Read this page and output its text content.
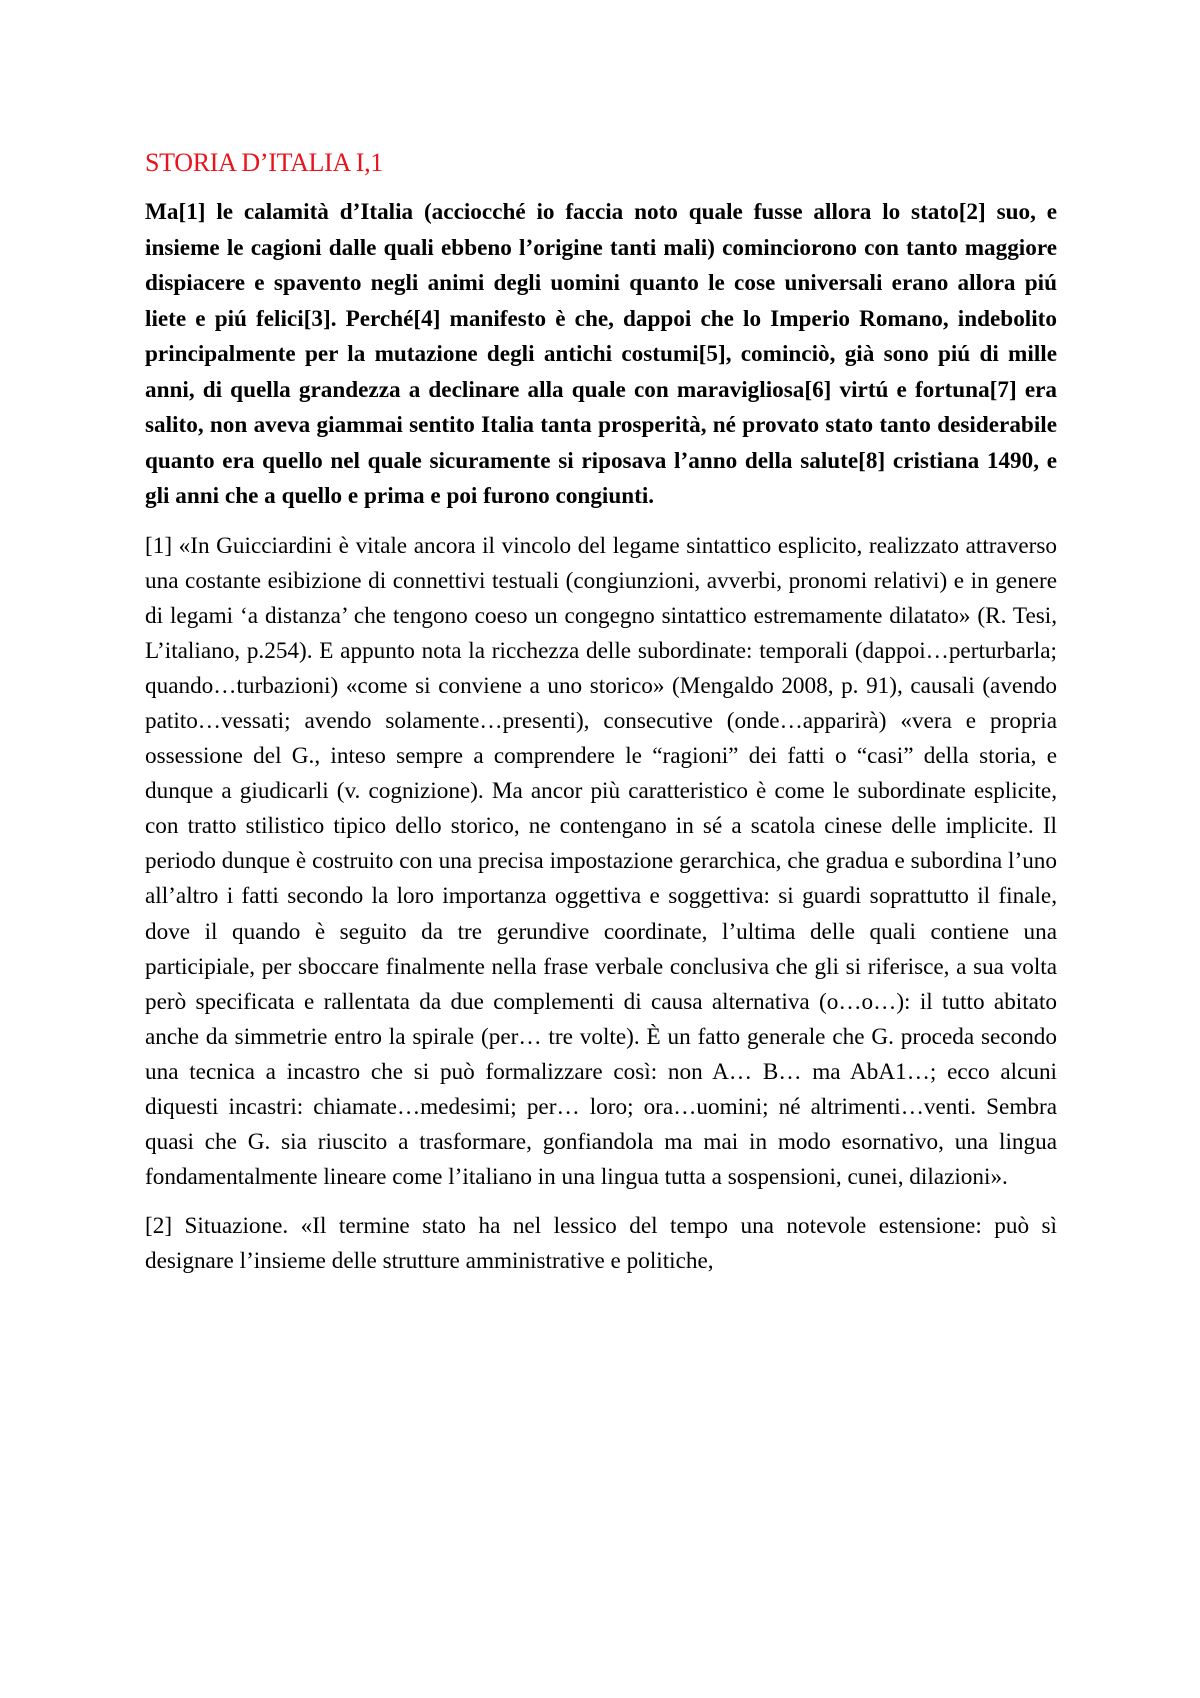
STORIA D’ITALIA I,1

Ma[1] le calamità d’Italia (acciocché io faccia noto quale fusse allora lo stato[2] suo, e insieme le cagioni dalle quali ebbeno l’origine tanti mali) cominciorono con tanto maggiore dispiacere e spavento negli animi degli uomini quanto le cose universali erano allora piú liete e piú felici[3]. Perché[4] manifesto è che, dappoi che lo Imperio Romano, indebolito principalmente per la mutazione degli antichi costumi[5], cominciò, già sono piú di mille anni, di quella grandezza a declinare alla quale con maravigliosa[6] virtú e fortuna[7] era salito, non aveva giammai sentito Italia tanta prosperità, né provato stato tanto desiderabile quanto era quello nel quale sicuramente si riposava l’anno della salute[8] cristiana 1490, e gli anni che a quello e prima e poi furono congiunti.

[1] «In Guicciardini è vitale ancora il vincolo del legame sintattico esplicito, realizzato attraverso una costante esibizione di connettivi testuali (congiunzioni, avverbi, pronomi relativi) e in genere di legami ‘a distanza’ che tengono coeso un congegno sintattico estremamente dilatato» (R. Tesi, L’italiano, p.254). E appunto nota la ricchezza delle subordinate: temporali (dappoi…perturbarla; quando…turbazioni) «come si conviene a uno storico» (Mengaldo 2008, p. 91), causali (avendo patito…vessati; avendo solamente…presenti), consecutive (onde…apparirà) «vera e propria ossessione del G., inteso sempre a comprendere le “ragioni” dei fatti o “casi” della storia, e dunque a giudicarli (v. cognizione). Ma ancor più caratteristico è come le subordinate esplicite, con tratto stilistico tipico dello storico, ne contengano in sé a scatola cinese delle implicite. Il periodo dunque è costruito con una precisa impostazione gerarchica, che gradua e subordina l’uno all’altro i fatti secondo la loro importanza oggettiva e soggettiva: si guardi soprattutto il finale, dove il quando è seguito da tre gerundive coordinate, l’ultima delle quali contiene una participiale, per sboccare finalmente nella frase verbale conclusiva che gli si riferisce, a sua volta però specificata e rallentata da due complementi di causa alternativa (o…o…): il tutto abitato anche da simmetrie entro la spirale (per… tre volte). È un fatto generale che G. proceda secondo una tecnica a incastro che si può formalizzare così: non A… B… ma AbA1…; ecco alcuni diquesti incastri: chiamate…medesimi; per… loro; ora…uomini; né altrimenti…venti. Sembra quasi che G. sia riuscito a trasformare, gonfiandola ma mai in modo esornativo, una lingua fondamentalmente lineare come l’italiano in una lingua tutta a sospensioni, cunei, dilazioni».

[2] Situazione. «Il termine stato ha nel lessico del tempo una notevole estensione: può sì designare l’insieme delle strutture amministrative e politiche,
